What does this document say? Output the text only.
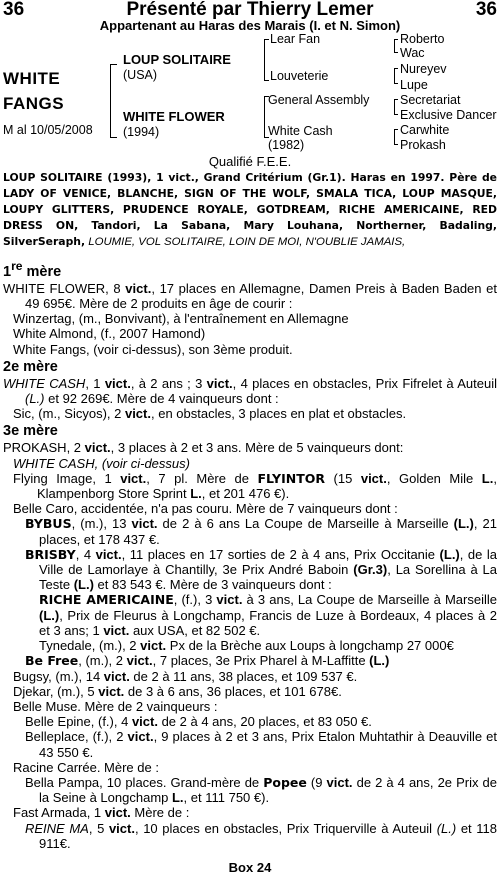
36	Présenté par Thierry Lemer	36
Appartenant au Haras des Marais (I. et N. Simon)
WHITE
FANGS
M al 10/05/2008
LOUP SOLITAIRE
(USA)
WHITE FLOWER
(1994)
Lear Fan
Louveterie
General Assembly
White Cash
(1982)
Roberto
Wac
Nureyev
Lupe
Secretariat
Exclusive Dancer
Carwhite
Prokash
Qualifié F.E.E.
LOUP SOLITAIRE (1993), 1 vict., Grand Critérium (Gr.1). Haras en 1997. Père de LADY OF VENICE, BLANCHE, SIGN OF THE WOLF, SMALA TICA, LOUP MASQUE, LOUPY GLITTERS, PRUDENCE ROYALE, GOTDREAM, RICHE AMERICAINE, RED DRESS ON, Tandori, La Sabana, Mary Louhana, Northerner, Badaling, SilverSeraph, LOUMIE, VOL SOLITAIRE, LOIN DE MOI, N'OUBLIE JAMAIS,
1re mère
WHITE FLOWER, 8 vict., 17 places en Allemagne, Damen Preis à Baden Baden et 49 695€. Mère de 2 produits en âge de courir :
Winzertag, (m., Bonvivant), à l'entraînement en Allemagne
White Almond, (f., 2007 Hamond)
White Fangs, (voir ci-dessus), son 3ème produit.
2e mère
WHITE CASH, 1 vict., à 2 ans ; 3 vict., 4 places en obstacles, Prix Fifrelet à Auteuil (L.) et 92 269€. Mère de 4 vainqueurs dont :
Sic, (m., Sicyos), 2 vict., en obstacles, 3 places en plat et obstacles.
3e mère
PROKASH, 2 vict., 3 places à 2 et 3 ans. Mère de 5 vainqueurs dont:
WHITE CASH, (voir ci-dessus)
Flying Image, 1 vict., 7 pl. Mère de FLYINTOR (15 vict., Golden Mile L., Klampenborg Store Sprint L., et 201 476 €).
Belle Caro, accidentée, n'a pas couru. Mère de 7 vainqueurs dont :
BYBUS, (m.), 13 vict. de 2 à 6 ans La Coupe de Marseille à Marseille (L.), 21 places, et 178 437 €.
BRISBY, 4 vict., 11 places en 17 sorties de 2 à 4 ans, Prix Occitanie (L.), de la Ville de Lamorlaye à Chantilly, 3e Prix André Baboin (Gr.3), La Sorellina à La Teste (L.) et 83 543 €. Mère de 3 vainqueurs dont :
RICHE AMERICAINE, (f.), 3 vict. à 3 ans, La Coupe de Marseille à Marseille (L.), Prix de Fleurus à Longchamp, Francis de Luze à Bordeaux, 4 places à 2 et 3 ans; 1 vict. aux USA, et 82 502 €.
Tynedale, (m.), 2 vict. Px de la Brèche aux Loups à longchamp 27 000€
Be Free, (m.), 2 vict., 7 places, 3e Prix Pharel à M-Laffitte (L.)
Bugsy, (m.), 14 vict. de 2 à 11 ans, 38 places, et 109 537 €.
Djekar, (m.), 5 vict. de 3 à 6 ans, 36 places, et 101 678€.
Belle Muse. Mère de 2 vainqueurs :
Belle Epine, (f.), 4 vict. de 2 à 4 ans, 20 places, et 83 050 €.
Belleplace, (f.), 2 vict., 9 places à 2 et 3 ans, Prix Etalon Muhtathir à Deauville et 43 550 €.
Racine Carrée. Mère de :
Bella Pampa, 10 places. Grand-mère de Popee (9 vict. de 2 à 4 ans, 2e Prix de la Seine à Longchamp L., et 111 750 €).
Fast Armada, 1 vict. Mère de :
REINE MA, 5 vict., 10 places en obstacles, Prix Triquerville à Auteuil (L.) et 118 911€.
Box 24
